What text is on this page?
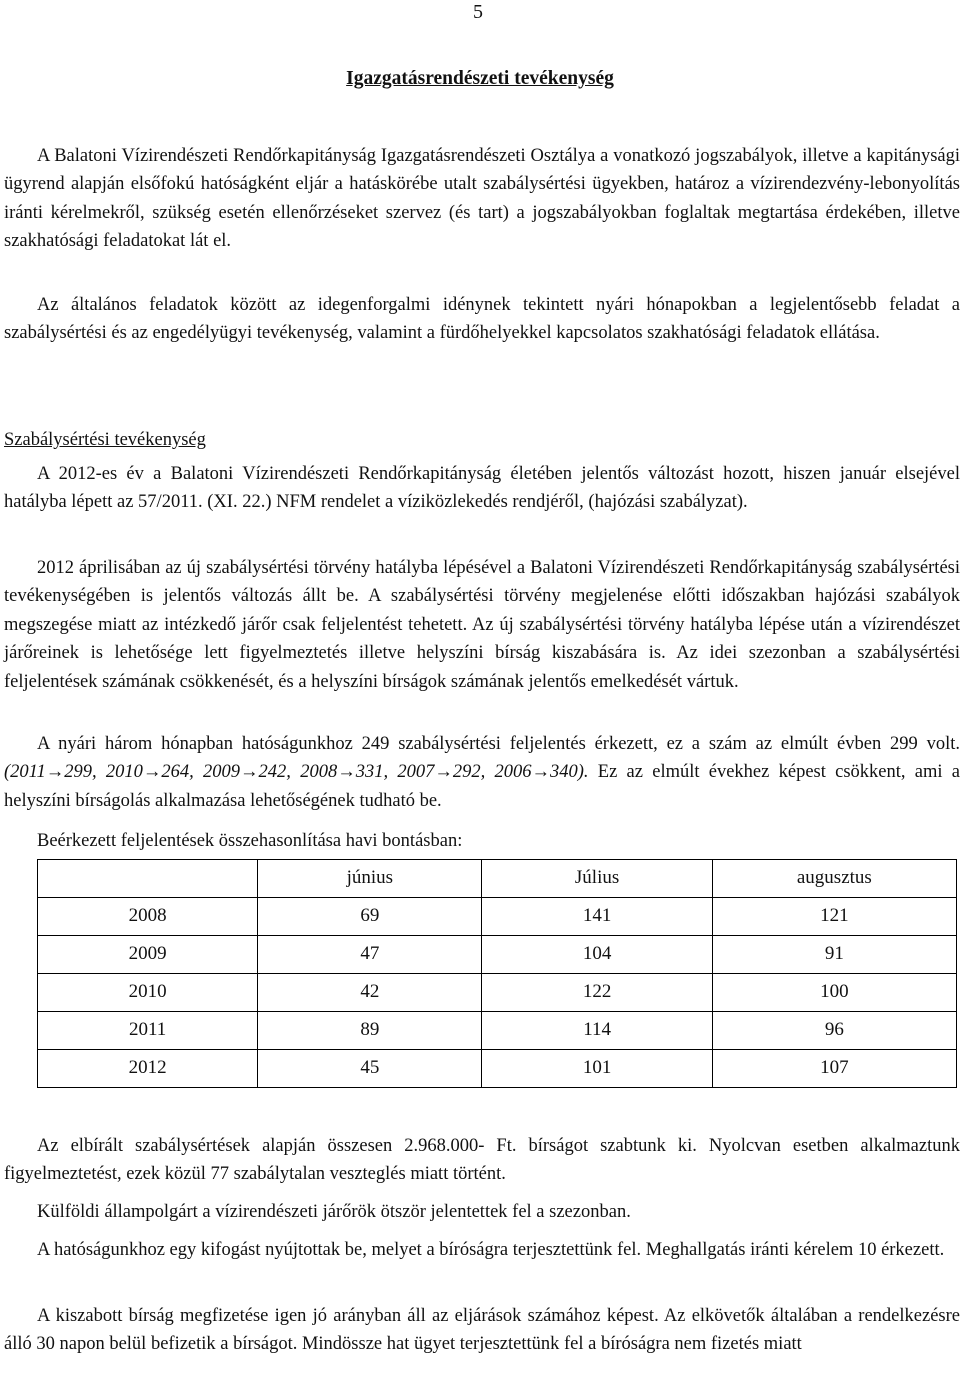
5
Igazgatásrendészeti tevékenység

A Balatoni Vízirendészeti Rendőrkapitányság Igazgatásrendészeti Osztálya a vonatkozó jogszabályok, illetve a kapitánysági ügyrend alapján elsőfokú hatóságként eljár a hatáskörébe utalt szabálysértési ügyekben, határoz a vízirendezvény-lebonyolítás iránti kérelmekről, szükség esetén ellenőrzéseket szervez (és tart) a jogszabályokban foglaltak megtartása érdekében, illetve szakhatósági feladatokat lát el.

Az általános feladatok között az idegenforgalmi idénynek tekintett nyári hónapokban a legjelentősebb feladat a szabálysértési és az engedélyügyi tevékenység, valamint a fürdőhelyekkel kapcsolatos szakhatósági feladatok ellátása.

Szabálysértési tevékenység

A 2012-es év a Balatoni Vízirendészeti Rendőrkapitányság életében jelentős változást hozott, hiszen január elsejével hatályba lépett az 57/2011. (XI. 22.) NFM rendelet a víziközlekedés rendjéről, (hajózási szabályzat).

2012 áprilisában az új szabálysértési törvény hatályba lépésével a Balatoni Vízirendészeti Rendőrkapitányság szabálysértési tevékenységében is jelentős változás állt be. A szabálysértési törvény megjelenése előtti időszakban hajózási szabályok megszegése miatt az intézkedő járőr csak feljelentést tehetett. Az új szabálysértési törvény hatályba lépése után a vízirendészet járőreinek is lehetősége lett figyelmeztetés illetve helyszíni bírság kiszabására is. Az idei szezonban a szabálysértési feljelentések számának csökkenését, és a helyszíni bírságok számának jelentős emelkedését vártuk.

A nyári három hónapban hatóságunkhoz 249 szabálysértési feljelentés érkezett, ez a szám az elmúlt évben 299 volt. (2011→299, 2010→264, 2009→242, 2008→331, 2007→292, 2006→340). Ez az elmúlt évekhez képest csökkent, ami a helyszíni bírságolás alkalmazása lehetőségének tudható be.

Beérkezett feljelentések összehasonlítása havi bontásban:

	június	Július	augusztus
2008	69	141	121
2009	47	104	91
2010	42	122	100
2011	89	114	96
2012	45	101	107

Az elbírált szabálysértések alapján összesen 2.968.000- Ft. bírságot szabtunk ki. Nyolcvan esetben alkalmaztunk figyelmeztetést, ezek közül 77 szabálytalan veszteglés miatt történt.

Külföldi állampolgárt a vízirendészeti járőrök ötször jelentettek fel a szezonban.

A hatóságunkhoz egy kifogást nyújtottak be, melyet a bíróságra terjesztettünk fel. Meghallgatás iránti kérelem 10 érkezett.

A kiszabott bírság megfizetése igen jó arányban áll az eljárások számához képest. Az elkövetők általában a rendelkezésre álló 30 napon belül befizetik a bírságot. Mindössze hat ügyet terjesztettünk fel a bíróságra nem fizetés miatt
